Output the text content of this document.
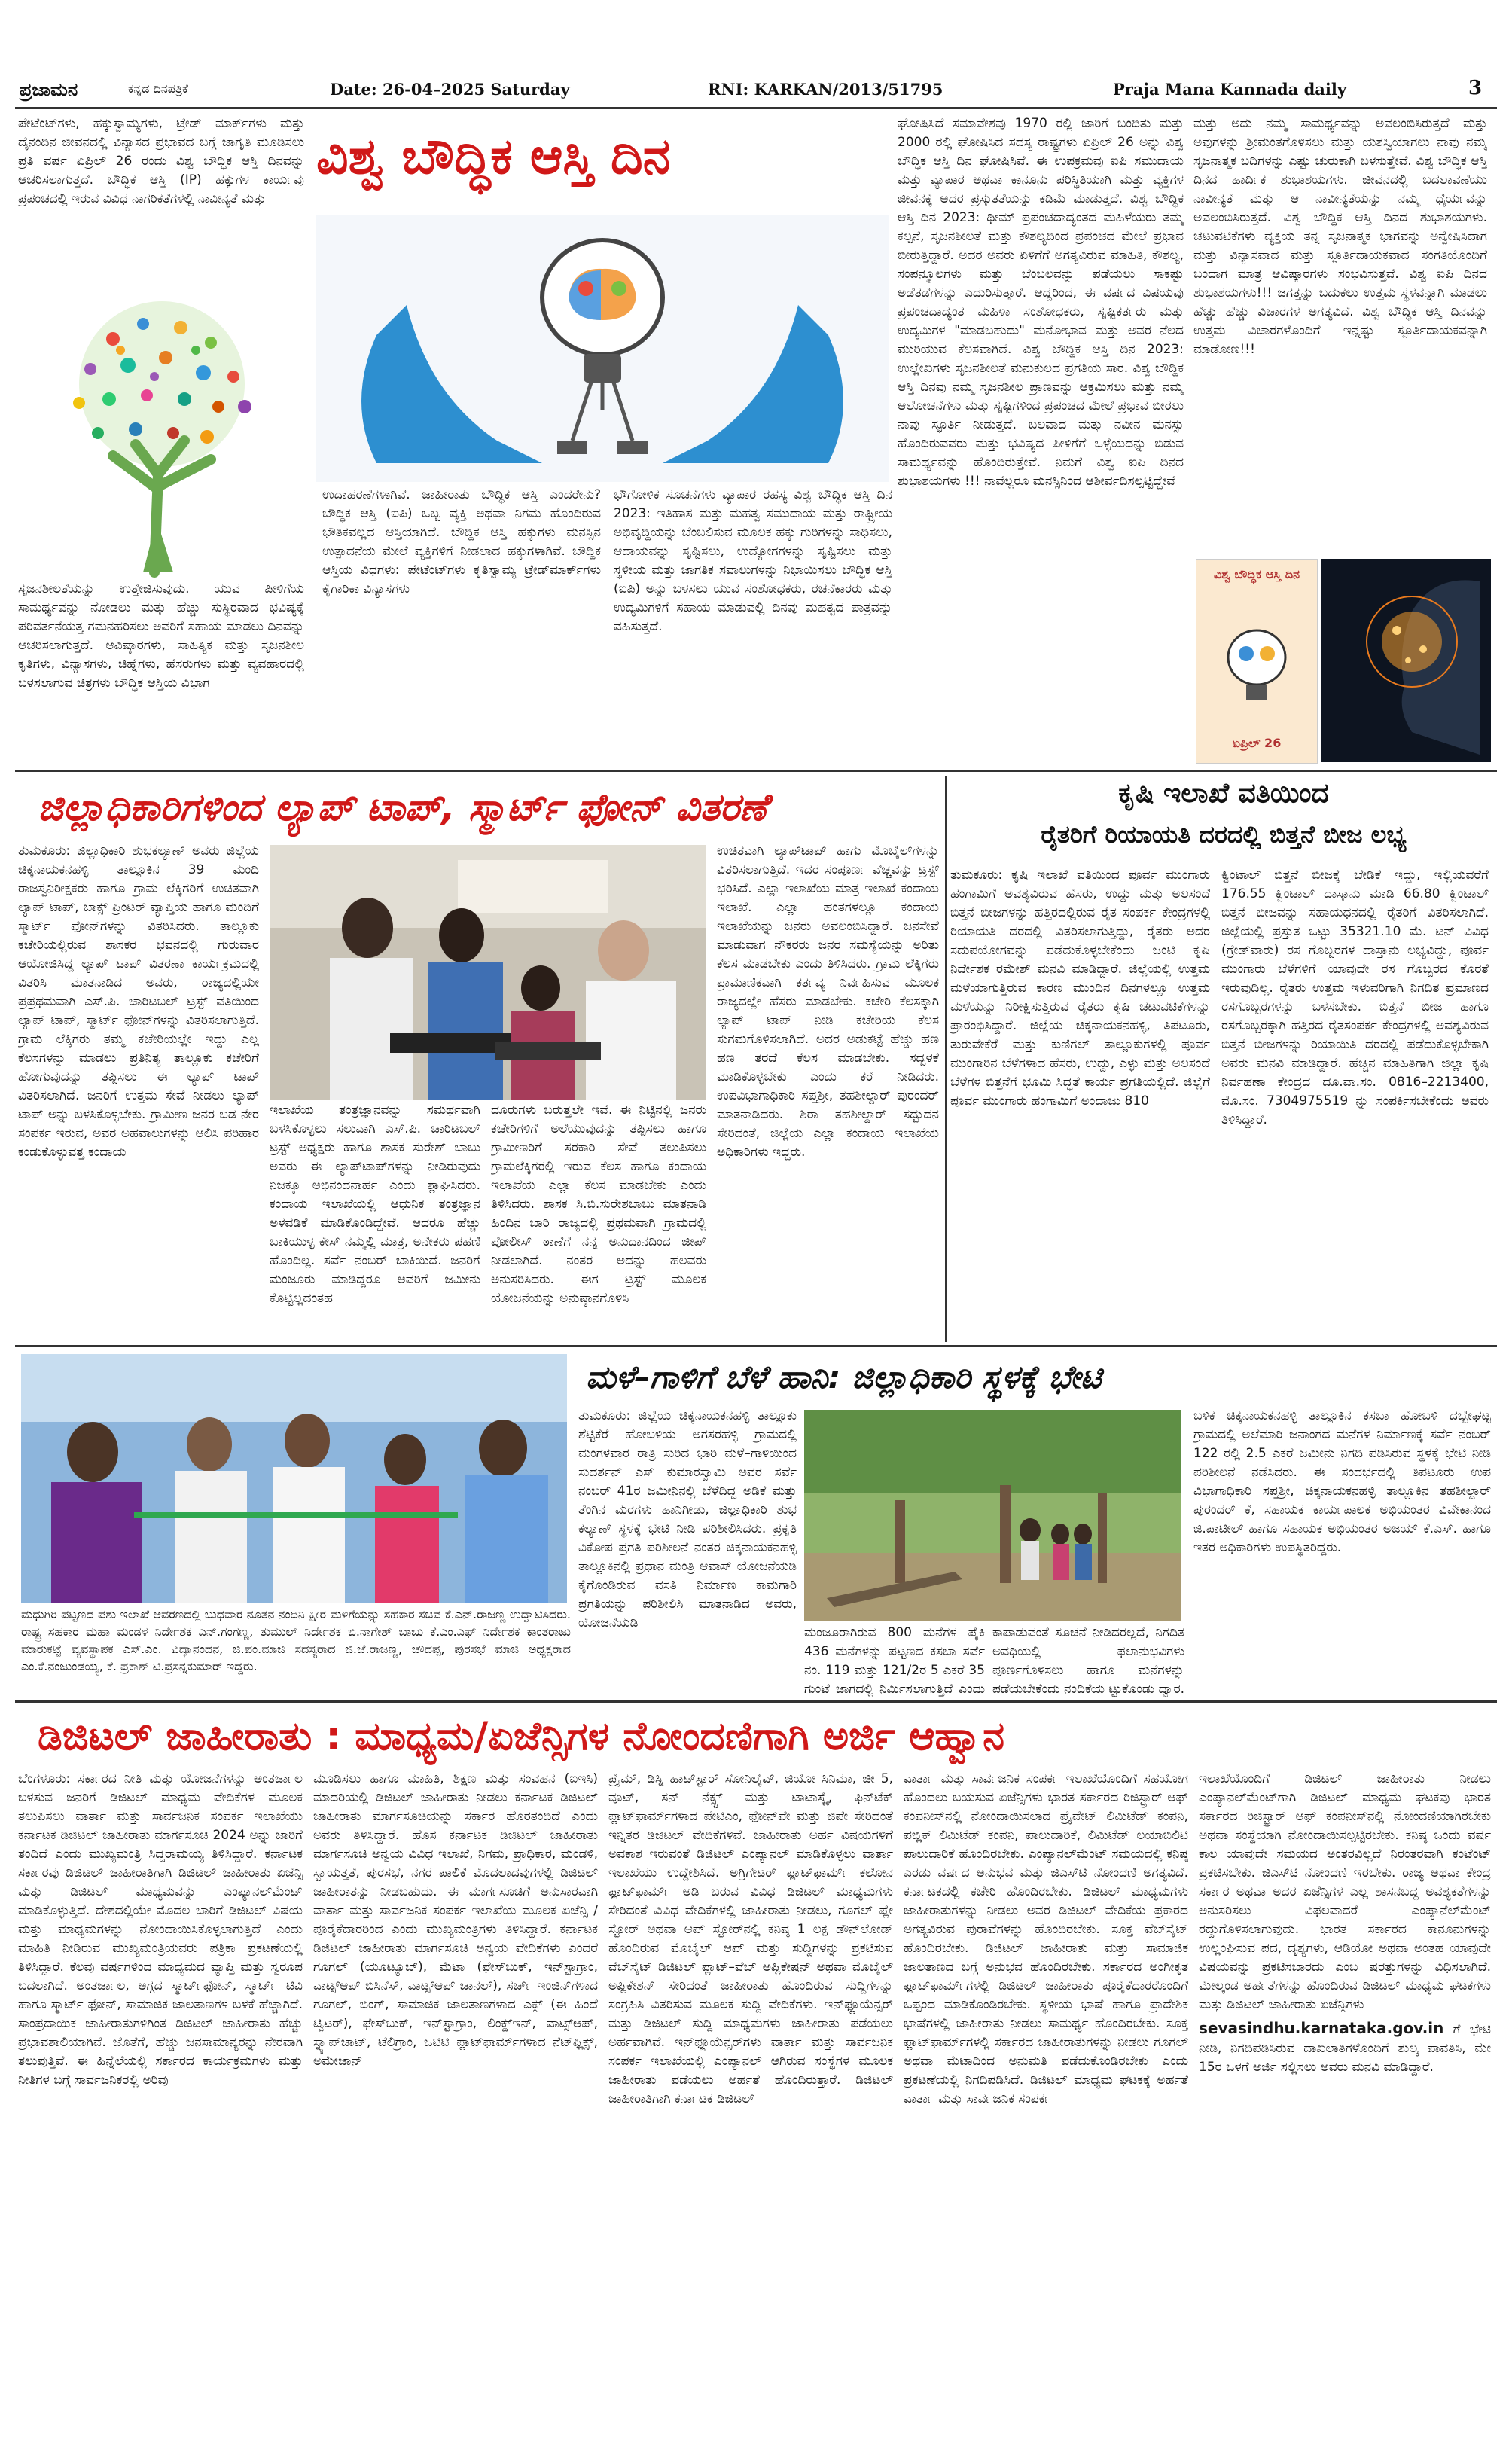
ಪ್ರಜಾಮನ	ಕನ್ನಡ ದಿನಪತ್ರಿಕೆ	Date: 26-04–2025 Saturday	RNI: KARKAN/2013/51795	Praja Mana Kannada daily	3

ಪೇಟೆಂಟ್‌ಗಳು, ಹಕ್ಕುಸ್ವಾಮ್ಯಗಳು, ಟ್ರೇಡ್‌ ಮಾರ್ಕ್‌ಗಳು ಮತ್ತು ದೈನಂದಿನ ಜೀವನದಲ್ಲಿ ವಿನ್ಯಾಸದ ಪ್ರಭಾವದ ಬಗ್ಗೆ ಜಾಗೃತಿ ಮೂಡಿಸಲು ಪ್ರತಿ ವರ್ಷ ಏಪ್ರಿಲ್‌ 26 ರಂದು ವಿಶ್ವ ಬೌದ್ಧಿಕ ಆಸ್ತಿ ದಿನವನ್ನು ಆಚರಿಸಲಾಗುತ್ತದೆ. ಬೌದ್ಧಿಕ ಆಸ್ತಿ (IP) ಹಕ್ಕುಗಳ ಕಾರ್ಯವು ಪ್ರಪಂಚದಲ್ಲಿ ಇರುವ ವಿವಿಧ ನಾಗರಿಕತೆಗಳಲ್ಲಿ ನಾವೀನ್ಯತೆ ಮತ್ತು

ಸೃಜನಶೀಲತೆಯನ್ನು ಉತ್ತೇಜಿಸುವುದು. ಯುವ ಪೀಳಿಗೆಯ ಸಾಮರ್ಥ್ಯವನ್ನು ನೋಡಲು ಮತ್ತು ಹೆಚ್ಚು ಸುಸ್ಥಿರವಾದ ಭವಿಷ್ಯಕ್ಕೆ ಪರಿವರ್ತನೆಯತ್ತ ಗಮನಹರಿಸಲು ಅವರಿಗೆ ಸಹಾಯ ಮಾಡಲು ದಿನವನ್ನು ಆಚರಿಸಲಾಗುತ್ತದೆ. ಆವಿಷ್ಕಾರಗಳು, ಸಾಹಿತ್ಯಿಕ ಮತ್ತು ಸೃಜನಶೀಲ ಕೃತಿಗಳು, ವಿನ್ಯಾಸಗಳು, ಚಿಹ್ನೆಗಳು, ಹೆಸರುಗಳು ಮತ್ತು ವ್ಯವಹಾರದಲ್ಲಿ ಬಳಸಲಾಗುವ ಚಿತ್ರಗಳು ಬೌದ್ಧಿಕ ಆಸ್ತಿಯ ವಿಭಾಗ

ವಿಶ್ವ ಬೌದ್ಧಿಕ ಆಸ್ತಿ ದಿನ

ಉದಾಹರಣೆಗಳಾಗಿವೆ. ಜಾಹೀರಾತು ಬೌದ್ಧಿಕ ಆಸ್ತಿ ಎಂದರೇನು? ಬೌದ್ಧಿಕ ಆಸ್ತಿ (ಐಪಿ) ಒಬ್ಬ ವ್ಯಕ್ತಿ ಅಥವಾ ನಿಗಮ ಹೊಂದಿರುವ ಭೌತಿಕವಲ್ಲದ ಆಸ್ತಿಯಾಗಿದೆ. ಬೌದ್ಧಿಕ ಆಸ್ತಿ ಹಕ್ಕುಗಳು ಮನಸ್ಸಿನ ಉತ್ಪಾದನೆಯ ಮೇಲೆ ವ್ಯಕ್ತಿಗಳಿಗೆ ನೀಡಲಾದ ಹಕ್ಕುಗಳಾಗಿವೆ. ಬೌದ್ಧಿಕ ಆಸ್ತಿಯ ವಿಧಗಳು: ಪೇಟೆಂಟ್‌ಗಳು ಕೃತಿಸ್ವಾಮ್ಯ ಟ್ರೇಡ್‌ಮಾರ್ಕ್‌ಗಳು ಕೈಗಾರಿಕಾ ವಿನ್ಯಾಸಗಳು

ಭೌಗೋಳಿಕ ಸೂಚನೆಗಳು ವ್ಯಾಪಾರ ರಹಸ್ಯ ವಿಶ್ವ ಬೌದ್ಧಿಕ ಆಸ್ತಿ ದಿನ 2023: ಇತಿಹಾಸ ಮತ್ತು ಮಹತ್ವ ಸಮುದಾಯ ಮತ್ತು ರಾಷ್ಟ್ರೀಯ ಅಭಿವೃದ್ಧಿಯನ್ನು ಬೆಂಬಲಿಸುವ ಮೂಲಕ ಹಕ್ಕು ಗುರಿಗಳನ್ನು ಸಾಧಿಸಲು, ಆದಾಯವನ್ನು ಸೃಷ್ಟಿಸಲು, ಉದ್ಯೋಗಗಳನ್ನು ಸೃಷ್ಟಿಸಲು ಮತ್ತು ಸ್ಥಳೀಯ ಮತ್ತು ಜಾಗತಿಕ ಸವಾಲುಗಳನ್ನು ನಿಭಾಯಿಸಲು ಬೌದ್ಧಿಕ ಆಸ್ತಿ (ಐಪಿ) ಅನ್ನು ಬಳಸಲು ಯುವ ಸಂಶೋಧಕರು, ರಚನೆಕಾರರು ಮತ್ತು ಉದ್ಯಮಿಗಳಿಗೆ ಸಹಾಯ ಮಾಡುವಲ್ಲಿ ದಿನವು ಮಹತ್ವದ ಪಾತ್ರವನ್ನು ವಹಿಸುತ್ತದೆ.

ಘೋಷಿಸಿದೆ ಸಮಾವೇಶವು 1970 ರಲ್ಲಿ ಜಾರಿಗೆ ಬಂದಿತು ಮತ್ತು 2000 ರಲ್ಲಿ ಘೋಷಿಸಿದ ಸದಸ್ಯ ರಾಷ್ಟ್ರಗಳು ಏಪ್ರಿಲ್‌ 26 ಅನ್ನು ವಿಶ್ವ ಬೌದ್ಧಿಕ ಆಸ್ತಿ ದಿನ ಘೋಷಿಸಿವೆ. ಈ ಉಪಕ್ರಮವು ಐಪಿ ಸಮುದಾಯ ಮತ್ತು ವ್ಯಾಪಾರ ಅಥವಾ ಕಾನೂನು ಪರಿಸ್ಥಿತಿಯಾಗಿ ಮತ್ತು ವ್ಯಕ್ತಿಗಳ ಜೀವನಕ್ಕೆ ಅದರ ಪ್ರಸ್ತುತತೆಯನ್ನು ಕಡಿಮೆ ಮಾಡುತ್ತದೆ. ವಿಶ್ವ ಬೌದ್ಧಿಕ ಆಸ್ತಿ ದಿನ 2023: ಥೀಮ್‌ ಪ್ರಪಂಚದಾದ್ಯಂತದ ಮಹಿಳೆಯರು ತಮ್ಮ ಕಲ್ಪನೆ, ಸೃಜನಶೀಲತೆ ಮತ್ತು ಕೌಶಲ್ಯದಿಂದ ಪ್ರಪಂಚದ ಮೇಲೆ ಪ್ರಭಾವ ಬೀರುತ್ತಿದ್ದಾರೆ. ಅದರ ಅವರು ಏಳಿಗೆಗೆ ಅಗತ್ಯವಿರುವ ಮಾಹಿತಿ, ಕೌಶಲ್ಯ, ಸಂಪನ್ಮೂಲಗಳು ಮತ್ತು ಬೆಂಬಲವನ್ನು ಪಡೆಯಲು ಸಾಕಷ್ಟು ಅಡೆತಡೆಗಳನ್ನು ಎದುರಿಸುತ್ತಾರೆ. ಆದ್ದರಿಂದ, ಈ ವರ್ಷದ ವಿಷಯವು ಪ್ರಪಂಚದಾದ್ಯಂತ ಮಹಿಳಾ ಸಂಶೋಧಕರು, ಸೃಷ್ಟಿಕರ್ತರು ಮತ್ತು ಉದ್ಯಮಿಗಳ "ಮಾಡಬಹುದು" ಮನೋಭಾವ ಮತ್ತು ಅವರ ನೆಲದ ಮುರಿಯುವ ಕೆಲಸವಾಗಿದೆ. ವಿಶ್ವ ಬೌದ್ಧಿಕ ಆಸ್ತಿ ದಿನ 2023: ಉಲ್ಲೇಖಗಳು ಸೃಜನಶೀಲತೆ ಮನುಕುಲದ ಪ್ರಗತಿಯ ಸಾರ. ವಿಶ್ವ ಬೌದ್ಧಿಕ ಆಸ್ತಿ ದಿನವು ನಮ್ಮ ಸೃಜನಶೀಲ ಪ್ರಾಣವನ್ನು ಆಕ್ರಮಿಸಲು ಮತ್ತು ನಮ್ಮ ಆಲೋಚನೆಗಳು ಮತ್ತು ಸೃಷ್ಟಿಗಳಿಂದ ಪ್ರಪಂಚದ ಮೇಲೆ ಪ್ರಭಾವ ಬೀರಲು ನಾವು ಸ್ಫೂರ್ತಿ ನೀಡುತ್ತದೆ. ಬಲವಾದ ಮತ್ತು ನವೀನ ಮನಸ್ಸು ಹೊಂದಿರುವವರು ಮತ್ತು ಭವಿಷ್ಯದ ಪೀಳಿಗೆಗೆ ಒಳ್ಳೆಯದನ್ನು ಬಿಡುವ ಸಾಮರ್ಥ್ಯವನ್ನು ಹೊಂದಿರುತ್ತೇವೆ. ನಿಮಗೆ ವಿಶ್ವ ಐಪಿ ದಿನದ ಶುಭಾಶಯಗಳು !!! ನಾವೆಲ್ಲರೂ ಮನಸ್ಸಿನಿಂದ ಆಶೀರ್ವದಿಸಲ್ಪಟ್ಟಿದ್ದೇವೆ

ಮತ್ತು ಅದು ನಮ್ಮ ಸಾಮರ್ಥ್ಯವನ್ನು ಅವಲಂಬಿಸಿರುತ್ತದೆ ಮತ್ತು ಅವುಗಳನ್ನು ಶ್ರೀಮಂತಗೊಳಿಸಲು ಮತ್ತು ಯಶಸ್ವಿಯಾಗಲು ನಾವು ನಮ್ಮ ಸೃಜನಾತ್ಮಕ ಬದಿಗಳನ್ನು ಎಷ್ಟು ಚುರುಕಾಗಿ ಬಳಸುತ್ತೇವೆ. ವಿಶ್ವ ಬೌದ್ಧಿಕ ಆಸ್ತಿ ದಿನದ ಹಾರ್ದಿಕ ಶುಭಾಶಯಗಳು. ಜೀವನದಲ್ಲಿ ಬದಲಾವಣೆಯು ನಾವೀನ್ಯತೆ ಮತ್ತು ಆ ನಾವೀನ್ಯತೆಯನ್ನು ನಮ್ಮ ಧೈರ್ಯವನ್ನು ಅವಲಂಬಿಸಿರುತ್ತದೆ. ವಿಶ್ವ ಬೌದ್ಧಿಕ ಆಸ್ತಿ ದಿನದ ಶುಭಾಶಯಗಳು. ಚಟುವಟಿಕೆಗಳು ವ್ಯಕ್ತಿಯ ತನ್ನ ಸೃಜನಾತ್ಮಕ ಭಾಗವನ್ನು ಅನ್ವೇಷಿಸಿದಾಗ ಮತ್ತು ವಿನ್ಯಾಸವಾದ ಮತ್ತು ಸ್ಪೂರ್ತಿದಾಯಕವಾದ ಸಂಗತಿಯೊಂದಿಗೆ ಬಂದಾಗ ಮಾತ್ರ ಆವಿಷ್ಕಾರಗಳು ಸಂಭವಿಸುತ್ತವೆ. ವಿಶ್ವ ಐಪಿ ದಿನದ ಶುಭಾಶಯಗಳು!!! ಜಗತ್ತನ್ನು ಬದುಕಲು ಉತ್ತಮ ಸ್ಥಳವನ್ನಾಗಿ ಮಾಡಲು ಹೆಚ್ಚು ಹೆಚ್ಚು ವಿಚಾರಗಳ ಅಗತ್ಯವಿದೆ. ವಿಶ್ವ ಬೌದ್ಧಿಕ ಆಸ್ತಿ ದಿನವನ್ನು ಉತ್ತಮ ವಿಚಾರಗಳೊಂದಿಗೆ ಇನ್ನಷ್ಟು ಸ್ಪೂರ್ತಿದಾಯಕವನ್ನಾಗಿ ಮಾಡೋಣ!!!

ವಿಶ್ವ ಬೌದ್ಧಿಕ ಆಸ್ತಿ ದಿನ
ಏಪ್ರಿಲ್‌ 26
ಜಿಲ್ಲಾಧಿಕಾರಿಗಳಿಂದ ಲ್ಯಾಪ್‌ ಟಾಪ್‌, ಸ್ಮಾರ್ಟ್‌ ಫೋನ್‌ ವಿತರಣೆ

ತುಮಕೂರು: ಜಿಲ್ಲಾಧಿಕಾರಿ ಶುಭಕಲ್ಯಾಣ್‌ ಅವರು ಜಿಲ್ಲೆಯ ಚಿಕ್ಕನಾಯಕನಹಳ್ಳಿ ತಾಲ್ಲೂಕಿನ 39 ಮಂದಿ ರಾಜಸ್ವನಿರೀಕ್ಷಕರು ಹಾಗೂ ಗ್ರಾಮ ಲೆಕ್ಕಿಗರಿಗೆ ಉಚಿತವಾಗಿ ಲ್ಯಾಪ್‌ ಟಾಪ್‌, ಬಾಕ್ಸ್‌ ಪ್ರಿಂಟರ್‌ ವ್ಯಾಪ್ತಿಯ ಹಾಗೂ ಮಂದಿಗೆ ಸ್ಮಾರ್ಟ್‌ ಫೋನ್‌ಗಳನ್ನು ವಿತರಿಸಿದರು. ತಾಲ್ಲೂಕು ಕಚೇರಿಯಲ್ಲಿರುವ ಶಾಸಕರ ಭವನದಲ್ಲಿ ಗುರುವಾರ ಆಯೋಜಿಸಿದ್ದ ಲ್ಯಾಪ್‌ ಟಾಪ್‌ ವಿತರಣಾ ಕಾರ್ಯಕ್ರಮದಲ್ಲಿ ವಿತರಿಸಿ ಮಾತನಾಡಿದ ಅವರು, ರಾಜ್ಯದಲ್ಲಿಯೇ ಪ್ರಪ್ರಥಮವಾಗಿ ಎಸ್‌.ಪಿ. ಚಾರಿಟಬಲ್‌ ಟ್ರಸ್ಟ್‌ ವತಿಯಿಂದ ಲ್ಯಾಪ್‌ ಟಾಪ್‌, ಸ್ಮಾರ್ಟ್‌ ಫೋನ್‌ಗಳನ್ನು ವಿತರಿಸಲಾಗುತ್ತಿದೆ. ಗ್ರಾಮ ಲೆಕ್ಕಿಗರು ತಮ್ಮ ಕಚೇರಿಯಲ್ಲೇ ಇದ್ದು ಎಲ್ಲ ಕೆಲಸಗಳನ್ನು ಮಾಡಲು ಪ್ರತಿನಿತ್ಯ ತಾಲ್ಲೂಕು ಕಚೇರಿಗೆ ಹೋಗುವುದನ್ನು ತಪ್ಪಿಸಲು ಈ ಲ್ಯಾಪ್‌ ಟಾಪ್‌ ವಿತರಿಸಲಾಗಿದೆ. ಜನರಿಗೆ ಉತ್ತಮ ಸೇವೆ ನೀಡಲು ಲ್ಯಾಪ್‌ ಟಾಪ್‌ ಅನ್ನು ಬಳಸಿಕೊಳ್ಳಬೇಕು. ಗ್ರಾಮೀಣ ಜನರ ಬಡ ನೇರ ಸಂಪರ್ಕ ಇರುವ, ಅವರ ಅಹವಾಲುಗಳನ್ನು ಆಲಿಸಿ ಪರಿಹಾರ ಕಂಡುಕೊಳ್ಳುವತ್ತ ಕಂದಾಯ

ಇಲಾಖೆಯ ತಂತ್ರಜ್ಞಾನವನ್ನು ಸಮರ್ಥವಾಗಿ ಬಳಸಿಕೊಳ್ಳಲು ಸಲುವಾಗಿ ಎಸ್‌.ಪಿ. ಚಾರಿಟಬಲ್‌ ಟ್ರಸ್ಟ್‌ ಅಧ್ಯಕ್ಷರು ಹಾಗೂ ಶಾಸಕ ಸುರೇಶ್‌ ಬಾಬು ಅವರು ಈ ಲ್ಯಾಪ್‌ಟಾಪ್‌ಗಳನ್ನು ನೀಡಿರುವುದು ನಿಜಕ್ಕೂ ಅಭಿನಂದನಾರ್ಹ ಎಂದು ಶ್ಲಾಘಿಸಿದರು. ಕಂದಾಯ ಇಲಾಖೆಯಲ್ಲಿ ಆಧುನಿಕ ತಂತ್ರಜ್ಞಾನ ಅಳವಡಿಕೆ ಮಾಡಿಕೊಂಡಿದ್ದೇವೆ. ಆದರೂ ಹೆಚ್ಚು ಬಾಕಿಯುಳ್ಳ ಕೇಸ್‌ ನಮ್ಮಲ್ಲಿ ಮಾತ್ರ, ಅನೇಕರು ಪಹಣಿ ಹೊಂದಿಲ್ಲ. ಸರ್ವೆ ನಂಬರ್‌ ಬಾಕಿಯಿದೆ. ಜನರಿಗೆ ಮಂಜೂರು ಮಾಡಿದ್ದರೂ ಅವರಿಗೆ ಜಮೀನು ಕೊಟ್ಟಿಲ್ಲದಂತಹ

ದೂರುಗಳು ಬರುತ್ತಲೇ ಇವೆ. ಈ ನಿಟ್ಟಿನಲ್ಲಿ ಜನರು ಕಚೇರಿಗಳಿಗೆ ಅಲೆಯುವುದನ್ನು ತಪ್ಪಿಸಲು ಹಾಗೂ ಗ್ರಾಮೀಣರಿಗೆ ಸರಕಾರಿ ಸೇವೆ ತಲುಪಿಸಲು ಗ್ರಾಮಲೆಕ್ಕಿಗರಲ್ಲಿ ಇರುವ ಕೆಲಸ ಹಾಗೂ ಕಂದಾಯ ಇಲಾಖೆಯ ಎಲ್ಲಾ ಕೆಲಸ ಮಾಡಬೇಕು ಎಂದು ತಿಳಿಸಿದರು. ಶಾಸಕ ಸಿ.ಬಿ.ಸುರೇಶಬಾಬು ಮಾತನಾಡಿ ಹಿಂದಿನ ಬಾರಿ ರಾಜ್ಯದಲ್ಲಿ ಪ್ರಥಮವಾಗಿ ಗ್ರಾಮದಲ್ಲಿ ಪೋಲೀಸ್‌ ಠಾಣೆಗೆ ನನ್ನ ಅನುದಾನದಿಂದ ಜೀಪ್‌ ನೀಡಲಾಗಿದೆ. ನಂತರ ಅದನ್ನು ಹಲವರು ಅನುಸರಿಸಿದರು. ಈಗ ಟ್ರಸ್ಟ್‌ ಮೂಲಕ ಯೋಜನೆಯನ್ನು ಅನುಷ್ಠಾನಗೊಳಿಸಿ

ಉಚಿತವಾಗಿ ಲ್ಯಾಪ್‌ಟಾಪ್‌ ಹಾಗು ಮೊಬೈಲ್‌ಗಳನ್ನು ವಿತರಿಸಲಾಗುತ್ತಿದೆ. ಇದರ ಸಂಪೂರ್ಣ ವೆಚ್ಚವನ್ನು ಟ್ರಸ್ಟ್‌ ಭರಿಸಿದೆ. ಎಲ್ಲಾ ಇಲಾಖೆಯ ಮಾತ್ರ ಇಲಾಖೆ ಕಂದಾಯ ಇಲಾಖೆ. ಎಲ್ಲಾ ಹಂತಗಳಲ್ಲೂ ಕಂದಾಯ ಇಲಾಖೆಯನ್ನು ಜನರು ಅವಲಂಬಿಸಿದ್ದಾರೆ. ಜನಸೇವೆ ಮಾಡುವಾಗ ನೌಕರರು ಜನರ ಸಮಸ್ಯೆಯನ್ನು ಅರಿತು ಕೆಲಸ ಮಾಡಬೇಕು ಎಂದು ತಿಳಿಸಿದರು. ಗ್ರಾಮ ಲೆಕ್ಕಿಗರು ಪ್ರಾಮಾಣಿಕವಾಗಿ ಕರ್ತವ್ಯ ನಿರ್ವಹಿಸುವ ಮೂಲಕ ರಾಜ್ಯದಲ್ಲೇ ಹೆಸರು ಮಾಡಬೇಕು. ಕಚೇರಿ ಕೆಲಸಕ್ಕಾಗಿ ಲ್ಯಾಪ್‌ ಟಾಪ್‌ ನೀಡಿ ಕಚೇರಿಯ ಕೆಲಸ ಸುಗಮಗೊಳಿಸಲಾಗಿದೆ. ಅದರ ಅಡುಕಟ್ಟೆ ಹೆಚ್ಚು ಹಣ ಹಣ ತರದೆ ಕೆಲಸ ಮಾಡಬೇಕು. ಸದ್ಬಳಕೆ ಮಾಡಿಕೊಳ್ಳಬೇಕು ಎಂದು ಕರೆ ನೀಡಿದರು. ಉಪವಿಭಾಗಾಧಿಕಾರಿ ಸಪ್ತಶ್ರೀ, ತಹಶೀಲ್ದಾರ್‌ ಪುರಂದರ್‌ ಮಾತನಾಡಿದರು. ಶಿರಾ ತಹಶೀಲ್ದಾರ್‌ ಸದ್ಬುದನ ಸೇರಿದಂತೆ, ಜಿಲ್ಲೆಯ ಎಲ್ಲಾ ಕಂದಾಯ ಇಲಾಖೆಯ ಅಧಿಕಾರಿಗಳು ಇದ್ದರು.

ಕೃಷಿ ಇಲಾಖೆ ವತಿಯಿಂದ
ರೈತರಿಗೆ ರಿಯಾಯತಿ ದರದಲ್ಲಿ ಬಿತ್ತನೆ ಬೀಜ ಲಭ್ಯ

ತುಮಕೂರು: ಕೃಷಿ ಇಲಾಖೆ ವತಿಯಿಂದ ಪೂರ್ವ ಮುಂಗಾರು ಹಂಗಾಮಿಗೆ ಅವಶ್ಯವಿರುವ ಹೆಸರು, ಉದ್ದು ಮತ್ತು ಅಲಸಂದೆ ಬಿತ್ತನೆ ಬೀಜಗಳನ್ನು ಹತ್ತಿರದಲ್ಲಿರುವ ರೈತ ಸಂಪರ್ಕ ಕೇಂದ್ರಗಳಲ್ಲಿ ರಿಯಾಯತಿ ದರದಲ್ಲಿ ವಿತರಿಸಲಾಗುತ್ತಿದ್ದು, ರೈತರು ಅದರ ಸದುಪಯೋಗವನ್ನು ಪಡೆದುಕೊಳ್ಳಬೇಕೆಂದು ಜಂಟಿ ಕೃಷಿ ನಿರ್ದೇಶಕ ರಮೇಶ್‌ ಮನವಿ ಮಾಡಿದ್ದಾರೆ. ಜಿಲ್ಲೆಯಲ್ಲಿ ಉತ್ತಮ ಮಳೆಯಾಗುತ್ತಿರುವ ಕಾರಣ ಮುಂದಿನ ದಿನಗಳಲ್ಲೂ ಉತ್ತಮ ಮಳೆಯನ್ನು ನಿರೀಕ್ಷಿಸುತ್ತಿರುವ ರೈತರು ಕೃಷಿ ಚಟುವಟಿಕೆಗಳನ್ನು ಪ್ರಾರಂಭಿಸಿದ್ದಾರೆ. ಜಿಲ್ಲೆಯ ಚಿಕ್ಕನಾಯಕನಹಳ್ಳಿ, ತಿಪಟೂರು, ತುರುವೇಕೆರೆ ಮತ್ತು ಕುಣಿಗಲ್‌ ತಾಲ್ಲೂಕುಗಳಲ್ಲಿ ಪೂರ್ವ ಮುಂಗಾರಿನ ಬೆಳೆಗಳಾದ ಹೆಸರು, ಉದ್ದು, ಎಳ್ಳು ಮತ್ತು ಅಲಸಂದೆ ಬೆಳೆಗಳ ಬಿತ್ತನೆಗೆ ಭೂಮಿ ಸಿದ್ಧತೆ ಕಾರ್ಯ ಪ್ರಗತಿಯಲ್ಲಿದೆ. ಜಿಲ್ಲೆಗೆ ಪೂರ್ವ ಮುಂಗಾರು ಹಂಗಾಮಿಗೆ ಅಂದಾಜು 810

ಕ್ವಿಂಟಾಲ್‌ ಬಿತ್ತನೆ ಬೀಜಕ್ಕೆ ಬೇಡಿಕೆ ಇದ್ದು, ಇಲ್ಲಿಯವರೆಗೆ 176.55 ಕ್ವಿಂಟಾಲ್‌ ದಾಸ್ತಾನು ಮಾಡಿ 66.80 ಕ್ವಿಂಟಾಲ್‌ ಬಿತ್ತನೆ ಬೀಜವನ್ನು ಸಹಾಯಧನದಲ್ಲಿ ರೈತರಿಗೆ ವಿತರಿಸಲಾಗಿದೆ. ಜಿಲ್ಲೆಯಲ್ಲಿ ಪ್ರಸ್ತುತ ಒಟ್ಟು 35321.10 ಮೆ. ಟನ್‌ ವಿವಿಧ (ಗ್ರೇಡ್‌ವಾರು) ರಸ ಗೊಬ್ಬರಗಳ ದಾಸ್ತಾನು ಲಭ್ಯವಿದ್ದು, ಪೂರ್ವ ಮುಂಗಾರು ಬೆಳೆಗಳಿಗೆ ಯಾವುದೇ ರಸ ಗೊಬ್ಬರದ ಕೊರತೆ ಇರುವುದಿಲ್ಲ. ರೈತರು ಉತ್ತಮ ಇಳುವರಿಗಾಗಿ ನಿಗದಿತ ಪ್ರಮಾಣದ ರಸಗೊಬ್ಬರಗಳನ್ನು ಬಳಸಬೇಕು. ಬಿತ್ತನೆ ಬೀಜ ಹಾಗೂ ರಸಗೊಬ್ಬರಕ್ಕಾಗಿ ಹತ್ತಿರದ ರೈತಸಂಪರ್ಕ ಕೇಂದ್ರಗಳಲ್ಲಿ ಅವಶ್ಯವಿರುವ ಬಿತ್ತನೆ ಬೀಜಗಳನ್ನು ರಿಯಾಯಿತಿ ದರದಲ್ಲಿ ಪಡೆದುಕೊಳ್ಳಬೇಕಾಗಿ ಅವರು ಮನವಿ ಮಾಡಿದ್ದಾರೆ. ಹೆಚ್ಚಿನ ಮಾಹಿತಿಗಾಗಿ ಜಿಲ್ಲಾ ಕೃಷಿ ನಿರ್ವಹಣಾ ಕೇಂದ್ರದ ದೂ.ವಾ.ಸಂ. 0816–2213400, ಮೊ.ಸಂ. 7304975519 ನ್ನು ಸಂಪರ್ಕಿಸಬೇಕೆಂದು ಅವರು ತಿಳಿಸಿದ್ದಾರೆ.

ಮಧುಗಿರಿ ಪಟ್ಟಣದ ಪಶು ಇಲಾಖೆ ಆವರಣದಲ್ಲಿ ಬುಧವಾರ ನೂತನ ನಂದಿನಿ ಕ್ಷೀರ ಮಳಿಗೆಯನ್ನು ಸಹಕಾರ ಸಚಿವ ಕೆ.ಎನ್‌.ರಾಜಣ್ಣ ಉದ್ಘಾಟಿಸಿದರು. ರಾಷ್ಟ್ರ ಸಹಕಾರ ಮಹಾ ಮಂಡಳ ನಿರ್ದೇಶಕ ಎನ್‌.ಗಂಗಣ್ಣ, ತುಮುಲ್‌ ನಿರ್ದೇಶಕ ಬಿ.ನಾಗೇಶ್‌ ಬಾಬು ಕೆ.ಎಂ.ಎಫ್‌ ನಿರ್ದೇಶಕ ಕಾಂತರಾಜು ಮಾರುಕಟ್ಟೆ ವ್ಯವಸ್ಥಾಪಕ ಎಸ್‌.ಎಂ. ವಿದ್ಯಾನಂದನ, ಜಿ.ಪಂ.ಮಾಜಿ ಸದಸ್ಯರಾದ ಜಿ.ಜೆ.ರಾಜಣ್ಣ, ಚೌದಪ್ಪ, ಪುರಸಭೆ ಮಾಜಿ ಅಧ್ಯಕ್ಷರಾದ ಎಂ.ಕೆ.ನಂಜುಂಡಯ್ಯ, ಕೆ. ಪ್ರಕಾಶ್‌ ಟಿ.ಪ್ರಸನ್ನಕುಮಾರ್‌ ಇದ್ದರು.

ಮಳೆ–ಗಾಳಿಗೆ ಬೆಳೆ ಹಾನಿ: ಜಿಲ್ಲಾಧಿಕಾರಿ ಸ್ಥಳಕ್ಕೆ ಭೇಟಿ

ತುಮಕೂರು: ಜಿಲ್ಲೆಯ ಚಿಕ್ಕನಾಯಕನಹಳ್ಳಿ ತಾಲ್ಲೂಕು ಶೆಟ್ಟಿಕೆರೆ ಹೋಬಳಿಯ ಅಗಸರಹಳ್ಳಿ ಗ್ರಾಮದಲ್ಲಿ ಮಂಗಳವಾರ ರಾತ್ರಿ ಸುರಿದ ಭಾರಿ ಮಳೆ–ಗಾಳಿಯಿಂದ ಸುದರ್ಶನ್‌ ಎಸ್‌ ಕುಮಾರಸ್ವಾಮಿ ಅವರ ಸರ್ವೆ ನಂಬರ್‌ 41ರ ಜಮೀನಿನಲ್ಲಿ ಬೆಳೆದಿದ್ದ ಅಡಿಕೆ ಮತ್ತು ತೆಂಗಿನ ಮರಗಳು ಹಾನಿಗೀಡು, ಜಿಲ್ಲಾಧಿಕಾರಿ ಶುಭ ಕಲ್ಯಾಣ್‌ ಸ್ಥಳಕ್ಕೆ ಭೇಟಿ ನೀಡಿ ಪರಿಶೀಲಿಸಿದರು. ಪ್ರಕೃತಿ ವಿಕೋಪ ಪ್ರಗತಿ ಪರಿಶೀಲನೆ ನಂತರ ಚಿಕ್ಕನಾಯಕನಹಳ್ಳಿ ತಾಲ್ಲೂಕಿನಲ್ಲಿ ಪ್ರಧಾನ ಮಂತ್ರಿ ಆವಾಸ್‌ ಯೋಜನೆಯಡಿ ಕೈಗೊಂಡಿರುವ ವಸತಿ ನಿರ್ಮಾಣ ಕಾಮಗಾರಿ ಪ್ರಗತಿಯನ್ನು ಪರಿಶೀಲಿಸಿ ಮಾತನಾಡಿದ ಅವರು, ಯೋಜನೆಯಡಿ

ಮಂಜೂರಾಗಿರುವ 800 ಮನೆಗಳ ಪೈಕಿ 436 ಮನೆಗಳನ್ನು ಪಟ್ಟಣದ ಕಸಬಾ ಸರ್ವೆ ನಂ. 119 ಮತ್ತು 121/2ರ 5 ಎಕರೆ 35 ಗುಂಟೆ ಜಾಗದಲ್ಲಿ ನಿರ್ಮಿಸಲಾಗುತ್ತಿದೆ ಎಂದು

ಕಾಪಾಡುವಂತೆ ಸೂಚನೆ ನೀಡಿದರಲ್ಲದೆ, ನಿಗದಿತ ಅವಧಿಯಲ್ಲಿ ಫಲಾನುಭವಿಗಳು ಪೂರ್ಣಗೊಳಿಸಲು ಹಾಗೂ ಮನೆಗಳನ್ನು ಪಡೆಯಬೇಕೆಂದು ನಂದಿಕೆಯ ಟ್ಟುಕೊಂಡು ದ್ವಾರ.

ಬಳಿಕ ಚಿಕ್ಕನಾಯಕನಹಳ್ಳಿ ತಾಲ್ಲೂಕಿನ ಕಸಬಾ ಹೋಬಳಿ ದಬ್ಬೇಘಟ್ಟ ಗ್ರಾಮದಲ್ಲಿ ಅಲೆಮಾರಿ ಜನಾಂಗದ ಮನೆಗಳ ನಿರ್ಮಾಣಕ್ಕೆ ಸರ್ವೆ ನಂಬರ್‌ 122 ರಲ್ಲಿ 2.5 ಎಕರೆ ಜಮೀನು ನಿಗದಿ ಪಡಿಸಿರುವ ಸ್ಥಳಕ್ಕೆ ಭೇಟಿ ನೀಡಿ ಪರಿಶೀಲನೆ ನಡೆಸಿದರು. ಈ ಸಂದರ್ಭದಲ್ಲಿ ತಿಪಟೂರು ಉಪ ವಿಭಾಗಾಧಿಕಾರಿ ಸಪ್ತಶ್ರೀ, ಚಿಕ್ಕನಾಯಕನಹಳ್ಳಿ ತಾಲ್ಲೂಕಿನ ತಹಶೀಲ್ದಾರ್‌ ಪುರಂದರ್‌ ಕೆ, ಸಹಾಯಕ ಕಾರ್ಯಪಾಲಕ ಅಭಿಯಂತರ ವಿವೇಕಾನಂದ ಜಿ.ಪಾಟೀಲ್‌ ಹಾಗೂ ಸಹಾಯಕ ಅಭಿಯಂತರ ಅಜಯ್‌ ಕೆ.ಎಸ್‌. ಹಾಗೂ ಇತರ ಅಧಿಕಾರಿಗಳು ಉಪಸ್ಥಿತರಿದ್ದರು.

ಡಿಜಿಟಲ್‌ ಜಾಹೀರಾತು : ಮಾಧ್ಯಮ/ಏಜೆನ್ಸಿಗಳ ನೋಂದಣಿಗಾಗಿ ಅರ್ಜಿ ಆಹ್ವಾನ

ಬೆಂಗಳೂರು: ಸರ್ಕಾರದ ನೀತಿ ಮತ್ತು ಯೋಜನೆಗಳನ್ನು ಅಂತರ್ಜಾಲ ಬಳಸುವ ಜನರಿಗೆ ಡಿಜಿಟಲ್‌ ಮಾಧ್ಯಮ ವೇದಿಕೆಗಳ ಮೂಲಕ ತಲುಪಿಸಲು ವಾರ್ತಾ ಮತ್ತು ಸಾರ್ವಜನಿಕ ಸಂಪರ್ಕ ಇಲಾಖೆಯು ಕರ್ನಾಟಕ ಡಿಜಿಟಲ್‌ ಜಾಹೀರಾತು ಮಾರ್ಗಸೂಚಿ 2024 ಅನ್ನು ಜಾರಿಗೆ ತಂದಿದೆ ಎಂದು ಮುಖ್ಯಮಂತ್ರಿ ಸಿದ್ದರಾಮಯ್ಯ ತಿಳಿಸಿದ್ದಾರೆ. ಕರ್ನಾಟಕ ಸರ್ಕಾರವು ಡಿಜಿಟಲ್‌ ಜಾಹೀರಾತಿಗಾಗಿ ಡಿಜಿಟಲ್‌ ಜಾಹೀರಾತು ಏಜೆನ್ಸಿ ಮತ್ತು ಡಿಜಿಟಲ್‌ ಮಾಧ್ಯಮವನ್ನು ಎಂಪ್ಯಾನಲ್‌ಮೆಂಟ್‌ ಮಾಡಿಕೊಳ್ಳುತ್ತಿದೆ. ದೇಶದಲ್ಲಿಯೇ ಮೊದಲ ಬಾರಿಗೆ ಡಿಜಿಟಲ್‌ ವಿಷಯ ಮತ್ತು ಮಾಧ್ಯಮಗಳನ್ನು ನೋಂದಾಯಿಸಿಕೊಳ್ಳಲಾಗುತ್ತಿದೆ ಎಂದು ಮಾಹಿತಿ ನೀಡಿರುವ ಮುಖ್ಯಮಂತ್ರಿಯವರು ಪತ್ರಿಕಾ ಪ್ರಕಟಣೆಯಲ್ಲಿ ತಿಳಿಸಿದ್ದಾರೆ. ಕೆಲವು ವರ್ಷಗಳಿಂದ ಮಾಧ್ಯಮದ ವ್ಯಾಪ್ತಿ ಮತ್ತು ಸ್ವರೂಪ ಬದಲಾಗಿದೆ. ಅಂತರ್ಜಾಲ, ಅಗ್ಗದ ಸ್ಮಾರ್ಟ್‌ಫೋನ್‌, ಸ್ಮಾರ್ಟ್‌ ಟಿವಿ ಹಾಗೂ ಸ್ಮಾರ್ಟ್‌ ಫೋನ್‌, ಸಾಮಾಜಿಕ ಜಾಲತಾಣಗಳ ಬಳಕೆ ಹೆಚ್ಚಾಗಿದೆ. ಸಾಂಪ್ರದಾಯಿಕ ಜಾಹೀರಾತುಗಳಿಗಿಂತ ಡಿಜಿಟಲ್‌ ಜಾಹೀರಾತು ಹೆಚ್ಚು ಪ್ರಭಾವಶಾಲಿಯಾಗಿವೆ. ಜೊತೆಗೆ, ಹೆಚ್ಚು ಜನಸಾಮಾನ್ಯರನ್ನು ನೇರವಾಗಿ ತಲುಪುತ್ತಿವೆ. ಈ ಹಿನ್ನೆಲೆಯಲ್ಲಿ ಸರ್ಕಾರದ ಕಾರ್ಯಕ್ರಮಗಳು ಮತ್ತು ನೀತಿಗಳ ಬಗ್ಗೆ ಸಾರ್ವಜನಿಕರಲ್ಲಿ ಅರಿವು

ಮೂಡಿಸಲು ಹಾಗೂ ಮಾಹಿತಿ, ಶಿಕ್ಷಣ ಮತ್ತು ಸಂವಹನ (ಐಇಸಿ) ಮಾದರಿಯಲ್ಲಿ ಡಿಜಿಟಲ್‌ ಜಾಹೀರಾತು ನೀಡಲು ಕರ್ನಾಟಕ ಡಿಜಿಟಲ್‌ ಜಾಹೀರಾತು ಮಾರ್ಗಸೂಚಿಯನ್ನು ಸರ್ಕಾರ ಹೊರತಂದಿದೆ ಎಂದು ಅವರು ತಿಳಿಸಿದ್ದಾರೆ. ಹೊಸ ಕರ್ನಾಟಕ ಡಿಜಿಟಲ್‌ ಜಾಹೀರಾತು ಮಾರ್ಗಸೂಚಿ ಅನ್ವಯ ವಿವಿಧ ಇಲಾಖೆ, ನಿಗಮ, ಪ್ರಾಧಿಕಾರ, ಮಂಡಳಿ, ಸ್ವಾಯತ್ತತೆ, ಪುರಸಭೆ, ನಗರ ಪಾಲಿಕೆ ಮೊದಲಾದವುಗಳಲ್ಲಿ ಡಿಜಿಟಲ್‌ ಜಾಹೀರಾತನ್ನು ನೀಡಬಹುದು. ಈ ಮಾರ್ಗಸೂಚಿಗೆ ಅನುಸಾರವಾಗಿ ವಾರ್ತಾ ಮತ್ತು ಸಾರ್ವಜನಿಕ ಸಂಪರ್ಕ ಇಲಾಖೆಯ ಮೂಲಕ ಏಜೆನ್ಸಿ / ಪೂರೈಕೆದಾರರಿಂದ ಎಂದು ಮುಖ್ಯಮಂತ್ರಿಗಳು ತಿಳಿಸಿದ್ದಾರೆ. ಕರ್ನಾಟಕ ಡಿಜಿಟಲ್‌ ಜಾಹೀರಾತು ಮಾರ್ಗಸೂಚಿ ಅನ್ವಯ ವೇದಿಕೆಗಳು ಎಂದರೆ ಗೂಗಲ್‌ (ಯೂಟ್ಯೂಬ್‌), ಮೆಟಾ (ಫೇಸ್‌ಬುಕ್‌, ಇನ್‌ಸ್ಟಾಗ್ರಾಂ, ವಾಟ್ಸ್‌ಆಪ್‌ ಬಿಸಿನೆಸ್‌, ವಾಟ್ಸ್‌ಆಪ್‌ ಚಾನಲ್‌), ಸರ್ಚ್‌ ಇಂಜಿನ್‌ಗಳಾದ ಗೂಗಲ್‌, ಬಿಂಗ್‌, ಸಾಮಾಜಿಕ ಜಾಲತಾಣಗಳಾದ ಎಕ್ಸ್‌ (ಈ ಹಿಂದೆ ಟ್ವಿಟರ್‌), ಫೇಸ್‌ಬುಕ್‌, ಇನ್‌ಸ್ಟಾಗ್ರಾಂ, ಲಿಂಕ್ಡ್‌ಇನ್‌, ವಾಟ್ಸ್‌ಆಪ್‌, ಸ್ನ್ಯಾಪ್‌ಚಾಟ್‌, ಟೆಲಿಗ್ರಾಂ, ಒಟಿಟಿ ಪ್ಲಾಟ್‌ಫಾರ್ಮ್‌ಗಳಾದ ನೆಟ್‌ಫ್ಲಿಕ್ಸ್‌, ಅಮೇಜಾನ್‌

ಪ್ರೈಮ್‌, ಡಿಸ್ನಿ ಹಾಟ್‌ಸ್ಟಾರ್‌ ಸೋನಿಲೈವ್‌, ಜಿಯೋ ಸಿನಿಮಾ, ಜೀ 5, ವೂಟ್‌, ಸನ್‌ ನೆಕ್ಸ್ಟ್‌ ಮತ್ತು ಟಾಟಾಸ್ಕೈ, ಫಿನ್‌ಟೆಕ್‌ ಪ್ಲಾಟ್‌ಫಾರ್ಮ್‌ಗಳಾದ ಪೇಟಿಎಂ, ಫೋನ್‌ಪೇ ಮತ್ತು ಜಿಪೇ ಸೇರಿದಂತೆ ಇನ್ನಿತರ ಡಿಜಿಟಲ್‌ ವೇದಿಕೆಗಳಿವೆ. ಜಾಹೀರಾತು ಅರ್ಹ ವಿಷಯಗಳಿಗೆ ಅವಕಾಶ ಇರುವಂತೆ ಡಿಜಿಟಲ್‌ ಎಂಪ್ಯಾನಲ್‌ ಮಾಡಿಕೊಳ್ಳಲು ವಾರ್ತಾ ಇಲಾಖೆಯು ಉದ್ದೇಶಿಸಿದೆ. ಅಗ್ರಿಗೇಟರ್‌ ಪ್ಲಾಟ್‌ಫಾರ್ಮ್‌ ಕಲೋನ ಫ್ಲಾಟ್‌ಫಾರ್ಮ್‌ ಅಡಿ ಬರುವ ವಿವಿಧ ಡಿಜಿಟಲ್‌ ಮಾಧ್ಯಮಗಳು ಸೇರಿದಂತೆ ವಿವಿಧ ವೇದಿಕೆಗಳಲ್ಲಿ ಜಾಹೀರಾತು ನೀಡಲು, ಗೂಗಲ್‌ ಪ್ಲೇ ಸ್ಟೋರ್‌ ಅಥವಾ ಆಪ್‌ ಸ್ಟೋರ್‌ನಲ್ಲಿ ಕನಿಷ್ಠ 1 ಲಕ್ಷ ಡೌನ್‌ಲೋಡ್‌ ಹೊಂದಿರುವ ಮೊಬೈಲ್‌ ಆಪ್‌ ಮತ್ತು ಸುದ್ದಿಗಳನ್ನು ಪ್ರಕಟಿಸುವ ವೆಬ್‌ಸೈಟ್‌ ಡಿಜಿಟಲ್‌ ಫ್ಲಾಟ್‌–ವೆಬ್‌ ಅಪ್ಲಿಕೇಷನ್‌ ಅಥವಾ ಮೊಬೈಲ್‌ ಅಪ್ಲಿಕೇಶನ್‌ ಸೇರಿದಂತೆ ಜಾಹೀರಾತು ಹೊಂದಿರುವ ಸುದ್ದಿಗಳನ್ನು ಸಂಗ್ರಹಿಸಿ ವಿತರಿಸುವ ಮೂಲಕ ಸುದ್ದಿ ವೇದಿಕೆಗಳು. ಇನ್‌ಫ್ಲೂಯೆನ್ಸರ್‌ ಮತ್ತು ಡಿಜಿಟಲ್‌ ಸುದ್ದಿ ಮಾಧ್ಯಮಗಳು ಜಾಹೀರಾತು ಪಡೆಯಲು ಅರ್ಹವಾಗಿವೆ. ಇನ್‌ಫ್ಲೂಯೆನ್ಸರ್‌ಗಳು ವಾರ್ತಾ ಮತ್ತು ಸಾರ್ವಜನಿಕ ಸಂಪರ್ಕ ಇಲಾಖೆಯಲ್ಲಿ ಎಂಪ್ಯಾನಲ್‌ ಆಗಿರುವ ಸಂಸ್ಥೆಗಳ ಮೂಲಕ ಜಾಹೀರಾತು ಪಡೆಯಲು ಅರ್ಹತೆ ಹೊಂದಿರುತ್ತಾರೆ. ಡಿಜಿಟಲ್‌ ಜಾಹೀರಾತಿಗಾಗಿ ಕರ್ನಾಟಕ ಡಿಜಿಟಲ್‌

ವಾರ್ತಾ ಮತ್ತು ಸಾರ್ವಜನಿಕ ಸಂಪರ್ಕ ಇಲಾಖೆಯೊಂದಿಗೆ ಸಹಯೋಗ ಹೊಂದಲು ಬಯಸುವ ಏಜೆನ್ಸಿಗಳು ಭಾರತ ಸರ್ಕಾರದ ರಿಜಿಸ್ಟ್ರಾರ್‌ ಆಫ್‌ ಕಂಪನೀಸ್‌ನಲ್ಲಿ ನೋಂದಾಯಿಸಲಾದ ಪ್ರೈವೇಟ್‌ ಲಿಮಿಟೆಡ್‌ ಕಂಪನಿ, ಪಬ್ಲಿಕ್‌ ಲಿಮಿಟೆಡ್‌ ಕಂಪನಿ, ಪಾಲುದಾರಿಕೆ, ಲಿಮಿಟೆಡ್‌ ಲಯಾಬಿಲಿಟಿ ಪಾಲುದಾರಿಕೆ ಹೊಂದಿರಬೇಕು. ಎಂಪ್ಯಾನಲ್‌ಮೆಂಟ್‌ ಸಮಯದಲ್ಲಿ ಕನಿಷ್ಠ ಎರಡು ವರ್ಷದ ಅನುಭವ ಮತ್ತು ಜಿಎಸ್‌ಟಿ ನೋಂದಣಿ ಅಗತ್ಯವಿದೆ. ಕರ್ನಾಟಕದಲ್ಲಿ ಕಚೇರಿ ಹೊಂದಿರಬೇಕು. ಡಿಜಿಟಲ್‌ ಮಾಧ್ಯಮಗಳು ಜಾಹೀರಾತುಗಳನ್ನು ನೀಡಲು ಅವರ ಡಿಜಿಟಲ್‌ ವೇದಿಕೆಯ ಪ್ರಕಾರದ ಅಗತ್ಯವಿರುವ ಪುರಾವೆಗಳನ್ನು ಹೊಂದಿರಬೇಕು. ಸೂಕ್ತ ವೆಬ್‌ಸೈಟ್‌ ಹೊಂದಿರಬೇಕು. ಡಿಜಿಟಲ್‌ ಜಾಹೀರಾತು ಮತ್ತು ಸಾಮಾಜಿಕ ಜಾಲತಾಣದ ಬಗ್ಗೆ ಅನುಭವ ಹೊಂದಿರಬೇಕು. ಸರ್ಕಾರದ ಅಂಗೀಕೃತ ಫ್ಲಾಟ್‌ಫಾರ್ಮ್‌ಗಳಲ್ಲಿ ಡಿಜಿಟಲ್‌ ಜಾಹೀರಾತು ಪೂರೈಕೆದಾರರೊಂದಿಗೆ ಒಪ್ಪಂದ ಮಾಡಿಕೊಂಡಿರಬೇಕು. ಸ್ಥಳೀಯ ಭಾಷೆ ಹಾಗೂ ಪ್ರಾದೇಶಿಕ ಭಾಷೆಗಳಲ್ಲಿ ಜಾಹೀರಾತು ನೀಡಲು ಸಾಮರ್ಥ್ಯ ಹೊಂದಿರಬೇಕು. ಸೂಕ್ತ ಫ್ಲಾಟ್‌ಫಾರ್ಮ್‌ಗಳಲ್ಲಿ ಸರ್ಕಾರದ ಜಾಹೀರಾತುಗಳನ್ನು ನೀಡಲು ಗೂಗಲ್‌ ಅಥವಾ ಮೆಟಾದಿಂದ ಅನುಮತಿ ಪಡೆದುಕೊಂಡಿರಬೇಕು ಎಂದು ಪ್ರಕಟಣೆಯಲ್ಲಿ ನಿಗದಿಪಡಿಸಿದೆ. ಡಿಜಿಟಲ್‌ ಮಾಧ್ಯಮ ಘಟಕಕ್ಕೆ ಅರ್ಹತೆ ವಾರ್ತಾ ಮತ್ತು ಸಾರ್ವಜನಿಕ ಸಂಪರ್ಕ

ಇಲಾಖೆಯೊಂದಿಗೆ ಡಿಜಿಟಲ್‌ ಜಾಹೀರಾತು ನೀಡಲು ಎಂಪ್ಯಾನಲ್‌ಮೆಂಟ್‌ಗಾಗಿ ಡಿಜಿಟಲ್‌ ಮಾಧ್ಯಮ ಘಟಕವು ಭಾರತ ಸರ್ಕಾರದ ರಿಜಿಸ್ಟ್ರಾರ್‌ ಆಫ್‌ ಕಂಪನೀಸ್‌ನಲ್ಲಿ ನೋಂದಣಿಯಾಗಿರಬೇಕು ಅಥವಾ ಸಂಸ್ಥೆಯಾಗಿ ನೋಂದಾಯಿಸಲ್ಪಟ್ಟಿರಬೇಕು. ಕನಿಷ್ಠ ಒಂದು ವರ್ಷ ಕಾಲ ಯಾವುದೇ ಸಮಯದ ಅಂತರವಿಲ್ಲದೆ ನಿರಂತರವಾಗಿ ಕಂಟೆಂಟ್‌ ಪ್ರಕಟಿಸಬೇಕು. ಜಿಎಸ್‌ಟಿ ನೋಂದಣಿ ಇರಬೇಕು. ರಾಜ್ಯ ಅಥವಾ ಕೇಂದ್ರ ಸರ್ಕಾರ ಅಥವಾ ಅದರ ಏಜೆನ್ಸಿಗಳ ಎಲ್ಲ ಶಾಸನಬದ್ಧ ಅವಶ್ಯಕತೆಗಳನ್ನು ಅನುಸರಿಸಲು ವಿಫಲವಾದರೆ ಎಂಪ್ಯಾನೆಲ್‌ಮೆಂಟ್‌ ರದ್ದುಗೊಳಿಸಲಾಗುವುದು. ಭಾರತ ಸರ್ಕಾರದ ಕಾನೂನುಗಳನ್ನು ಉಲ್ಲಂಘಿಸುವ ಪದ, ದೃಶ್ಯಗಳು, ಆಡಿಯೋ ಅಥವಾ ಅಂತಹ ಯಾವುದೇ ವಿಷಯವನ್ನು ಪ್ರಕಟಿಸಬಾರದು ಎಂಬ ಷರತ್ತುಗಳನ್ನು ವಿಧಿಸಲಾಗಿದೆ. ಮೇಲ್ಕಂಡ ಅರ್ಹತೆಗಳನ್ನು ಹೊಂದಿರುವ ಡಿಜಿಟಲ್‌ ಮಾಧ್ಯಮ ಘಟಕಗಳು ಮತ್ತು ಡಿಜಿಟಲ್‌ ಜಾಹೀರಾತು ಏಜೆನ್ಸಿಗಳು

sevasindhu.karnataka.gov.in ಗೆ ಭೇಟಿ ನೀಡಿ, ನಿಗದಿಪಡಿಸಿರುವ ದಾಖಲಾತಿಗಳೊಂದಿಗೆ ಶುಲ್ಕ ಪಾವತಿಸಿ, ಮೇ 15ರ ಒಳಗೆ ಅರ್ಜಿ ಸಲ್ಲಿಸಲು ಅವರು ಮನವಿ ಮಾಡಿದ್ದಾರೆ.
